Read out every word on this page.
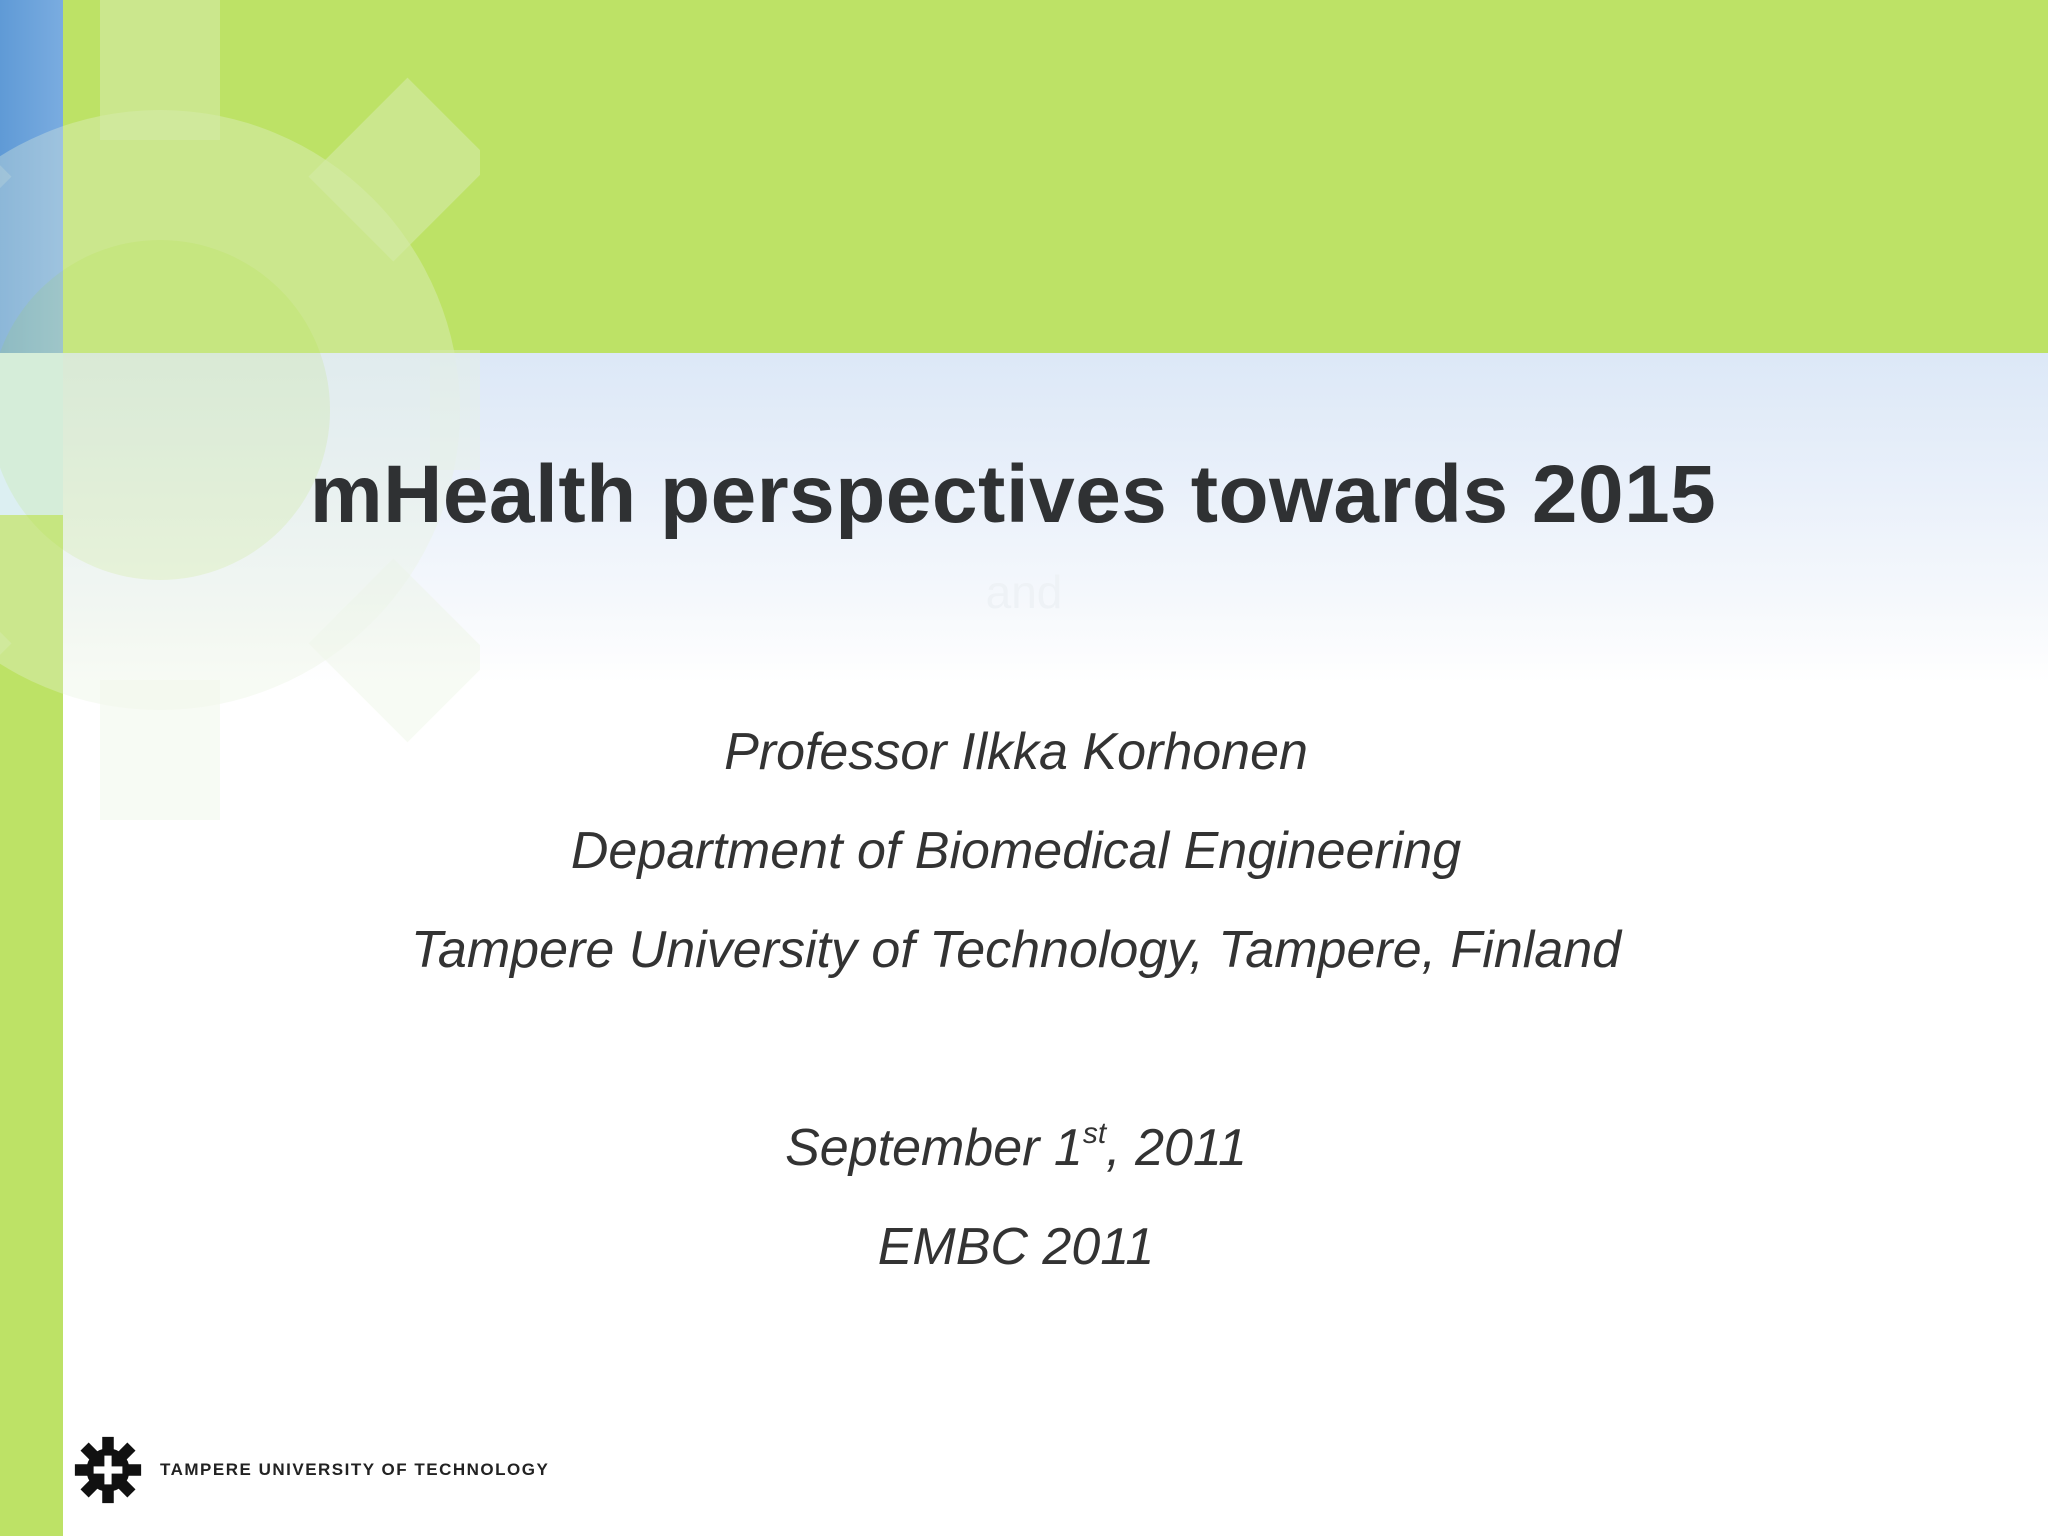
mHealth perspectives towards 2015
and
Professor Ilkka Korhonen
Department of Biomedical Engineering
Tampere University of Technology, Tampere, Finland
September 1st, 2011
EMBC 2011
TAMPERE UNIVERSITY OF TECHNOLOGY
